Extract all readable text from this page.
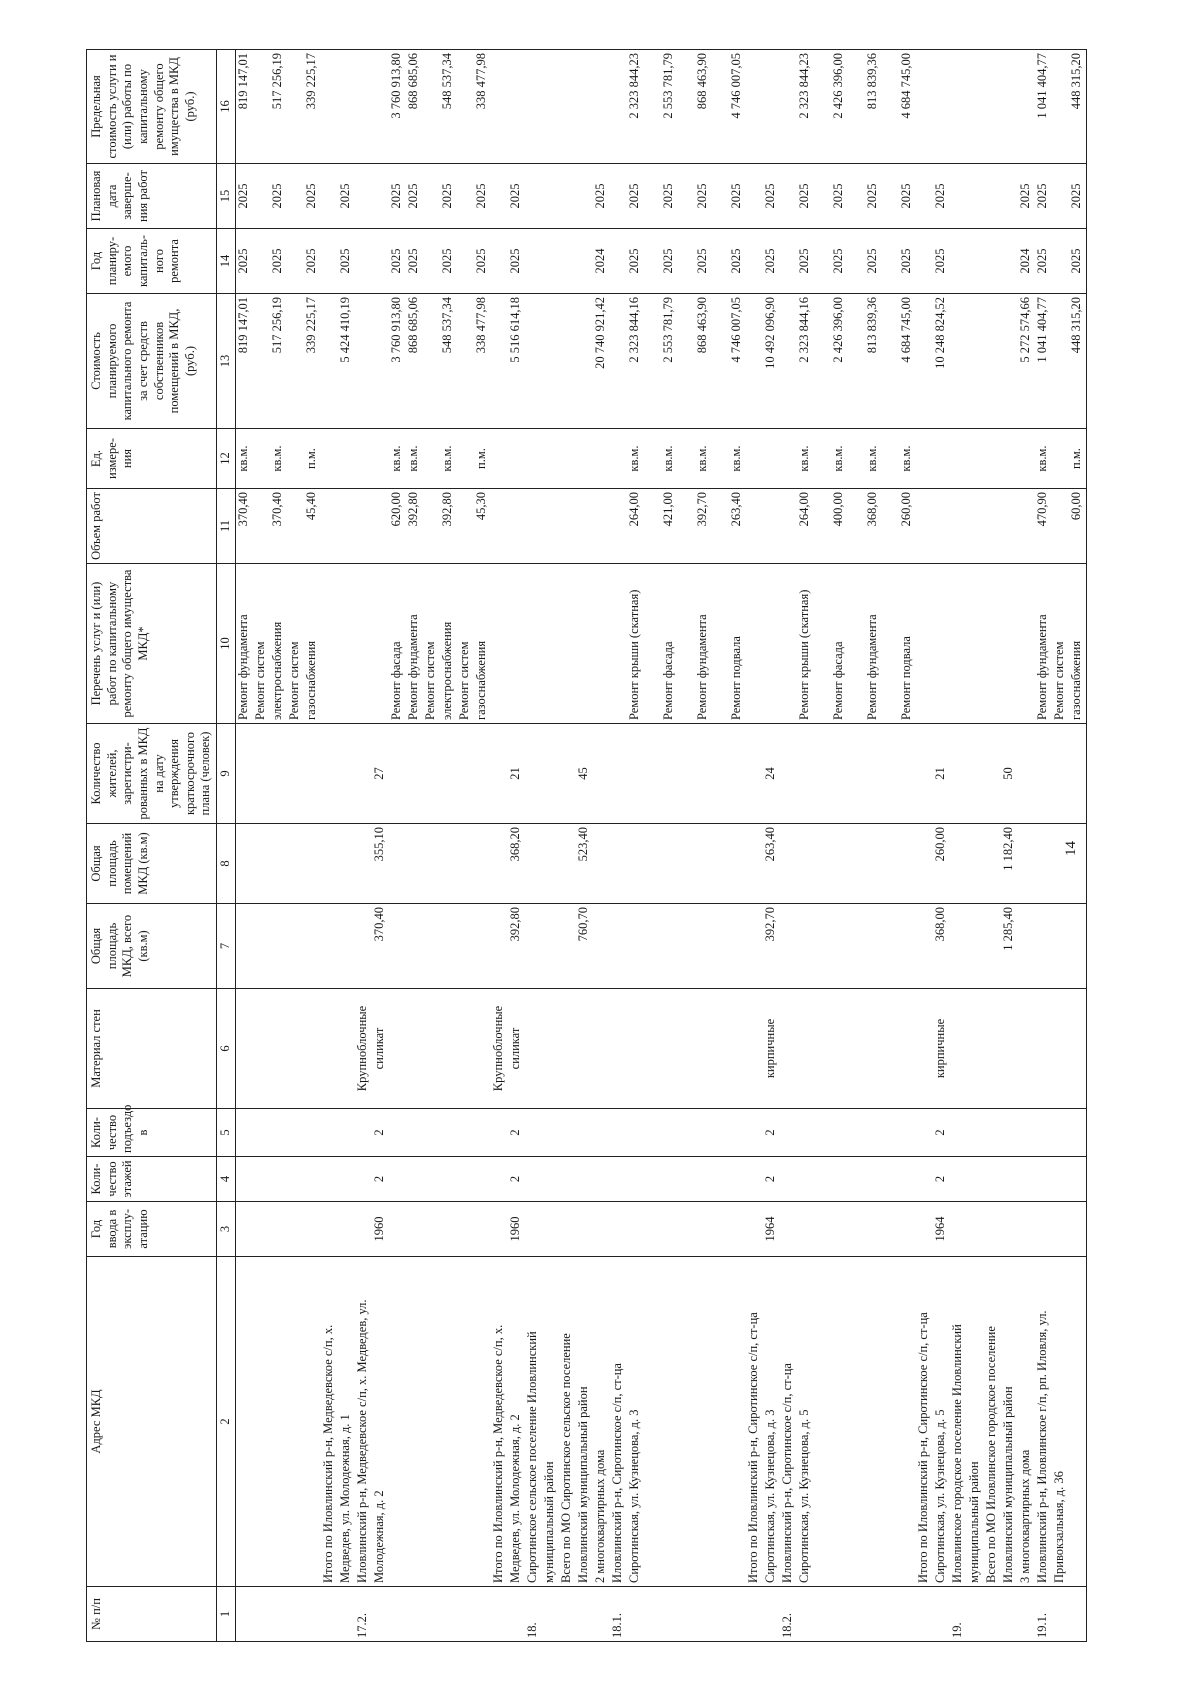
14
№ п/п	Адрес МКД	Год ввода в эксплу-атацию	Коли-чество этажей	Коли-чество подъездо в	Материал стен	Общая площадь МКД, всего (кв.м)	Общая площадь помещений МКД (кв.м)	Количество жителей, зарегистри-рованных в МКД на дату утверждения краткосрочного плана (человек)	Перечень услуг и (или) работ по капитальному ремонту общего имущества МКД*	Объем работ	Ед. измере-ния	Стоимость планируемого капитального ремонта за счет средств собственников помещений в МКД, (руб.)	Год планиру-емого капиталь-ного ремонта	Плановая дата заверше-ния работ	Предельная стоимость услуги и (или) работы по капитальному ремонту общего имущества в МКД (руб.)
1	2	3	4	5	6	7	8	9	10	11	12	13	14	15	16
									Ремонт фундамента	370,40	кв.м.	819 147,01	2025	2025	819 147,01
									Ремонт систем						
									электроснабжения	370,40	кв.м.	517 256,19	2025	2025	517 256,19
									Ремонт систем						
									газоснабжения	45,40	п.м.	339 225,17	2025	2025	339 225,17
	Итого по Иловлинский р-н, Медведевское с/п, х.														
	Медведев, ул. Молодежная, д. 1											5 424 410,19	2025	2025	
17.2.	Иловлинский р-н, Медведевское с/п, х. Медведев, ул.				Крупноблочные										
	Молодежная, д. 2	1960	2	2	силикат	370,40	355,10	27							
									Ремонт фасада	620,00	кв.м.	3 760 913,80	2025	2025	3 760 913,80
									Ремонт фундамента	392,80	кв.м.	868 685,06	2025	2025	868 685,06
									Ремонт систем						
									электроснабжения	392,80	кв.м.	548 537,34	2025	2025	548 537,34
									Ремонт систем						
									газоснабжения	45,30	п.м.	338 477,98	2025	2025	338 477,98
	Итого по Иловлинский р-н, Медведевское с/п, х.				Крупноблочные										
	Медведев, ул. Молодежная, д. 2	1960	2	2	силикат	392,80	368,20	21				5 516 614,18	2025	2025	
18.	Сиротинское сельское поселение Иловлинский														
	муниципальный район														
	Всего по МО Сиротинское сельское поселение														
	Иловлинский муниципальный район					760,70	523,40	45							
	2 многоквартирных дома											20 740 921,42	2024	2025	
18.1.	Иловлинский р-н, Сиротинское с/п, ст-ца														
	Сиротинская, ул. Кузнецова, д. 3								Ремонт крыши (скатная)	264,00	кв.м.	2 323 844,16	2025	2025	2 323 844,23

									Ремонт фасада	421,00	кв.м.	2 553 781,79	2025	2025	2 553 781,79

									Ремонт фундамента	392,70	кв.м.	868 463,90	2025	2025	868 463,90

									Ремонт подвала	263,40	кв.м.	4 746 007,05	2025	2025	4 746 007,05
	Итого по Иловлинский р-н, Сиротинское с/п, ст-ца														
	Сиротинская, ул. Кузнецова, д. 3	1964	2	2	кирпичные	392,70	263,40	24				10 492 096,90	2025	2025	
18.2.	Иловлинский р-н, Сиротинское с/п, ст-ца														
	Сиротинская, ул. Кузнецова, д. 5								Ремонт крыши (скатная)	264,00	кв.м.	2 323 844,16	2025	2025	2 323 844,23

									Ремонт фасада	400,00	кв.м.	2 426 396,00	2025	2025	2 426 396,00

									Ремонт фундамента	368,00	кв.м.	813 839,36	2025	2025	813 839,36

									Ремонт подвала	260,00	кв.м.	4 684 745,00	2025	2025	4 684 745,00
	Итого по Иловлинский р-н, Сиротинское с/п, ст-ца														
	Сиротинская, ул. Кузнецова, д. 5	1964	2	2	кирпичные	368,00	260,00	21				10 248 824,52	2025	2025	
19.	Иловлинское городское поселение Иловлинский														
	муниципальный район														
	Всего по МО Иловлинское городское поселение														
	Иловлинский муниципальный район					1 285,40	1 182,40	50							
	3 многоквартирных дома											5 272 574,66	2024	2025	
19.1.	Иловлинский р-н, Иловлинское г/п, рп. Иловля, ул.								Ремонт фундамента	470,90	кв.м.	1 041 404,77	2025	2025	1 041 404,77
	Привокзальная, д. 36								Ремонт систем						
									газоснабжения	60,00	п.м.	448 315,20	2025	2025	448 315,20
